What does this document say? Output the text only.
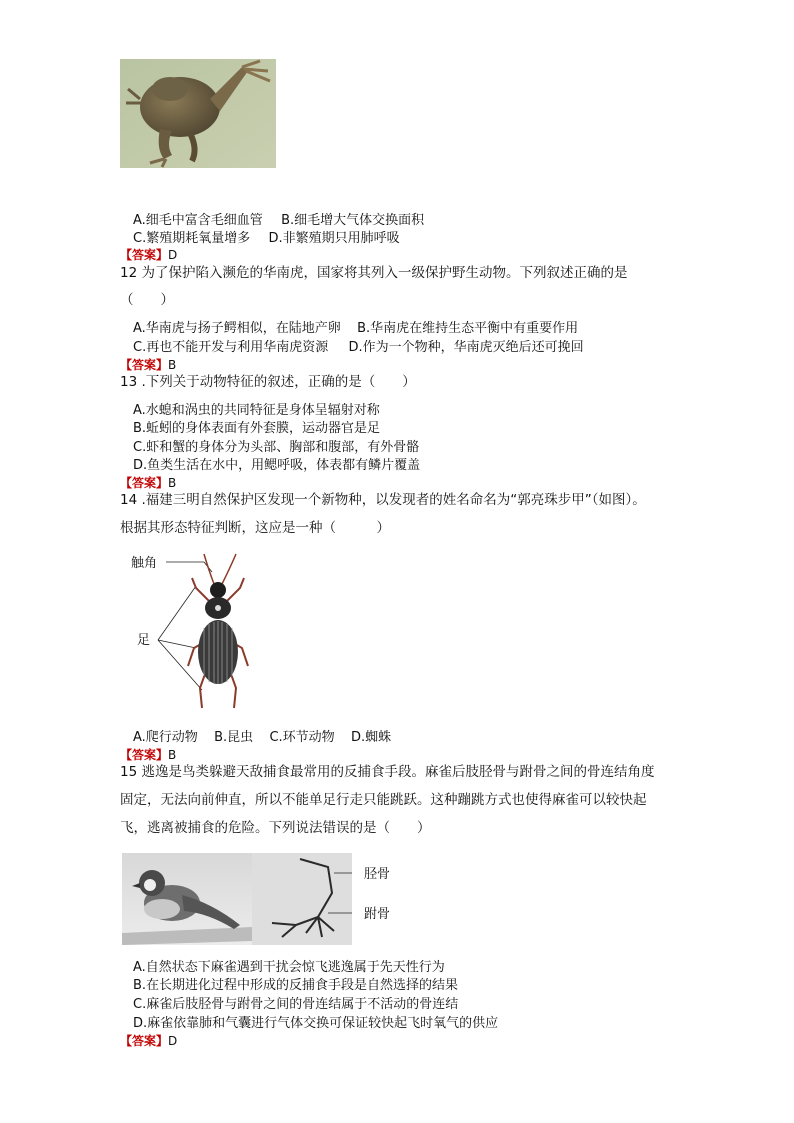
A.细毛中富含毛细血管 B.细毛增大气体交换面积
C.繁殖期耗氧量增多 D.非繁殖期只用肺呼吸
【答案】D
12 为了保护陷入濒危的华南虎，国家将其列入一级保护野生动物。下列叙述正确的是
（　　）
A.华南虎与扬子鳄相似，在陆地产卵 B.华南虎在维持生态平衡中有重要作用
C.再也不能开发与利用华南虎资源 D.作为一个物种，华南虎灭绝后还可挽回
【答案】B
13 .下列关于动物特征的叙述，正确的是（　　）
A.水螅和涡虫的共同特征是身体呈辐射对称
B.蚯蚓的身体表面有外套膜，运动器官是足
C.虾和蟹的身体分为头部、胸部和腹部，有外骨骼
D.鱼类生活在水中，用鳃呼吸，体表都有鳞片覆盖
【答案】B
14 .福建三明自然保护区发现一个新物种，以发现者的姓名命名为“郭亮珠步甲”（如图）。
根据其形态特征判断，这应是一种（　　　）
触角
足
A.爬行动物 B.昆虫 C.环节动物 D.蜘蛛
【答案】B
15 逃逸是鸟类躲避天敌捕食最常用的反捕食手段。麻雀后肢胫骨与跗骨之间的骨连结角度
固定，无法向前伸直，所以不能单足行走只能跳跃。这种蹦跳方式也使得麻雀可以较快起
飞，逃离被捕食的危险。下列说法错误的是（　　）
胫骨
跗骨
A.自然状态下麻雀遇到干扰会惊飞逃逸属于先天性行为
B.在长期进化过程中形成的反捕食手段是自然选择的结果
C.麻雀后肢胫骨与跗骨之间的骨连结属于不活动的骨连结
D.麻雀依靠肺和气囊进行气体交换可保证较快起飞时氧气的供应
【答案】D
